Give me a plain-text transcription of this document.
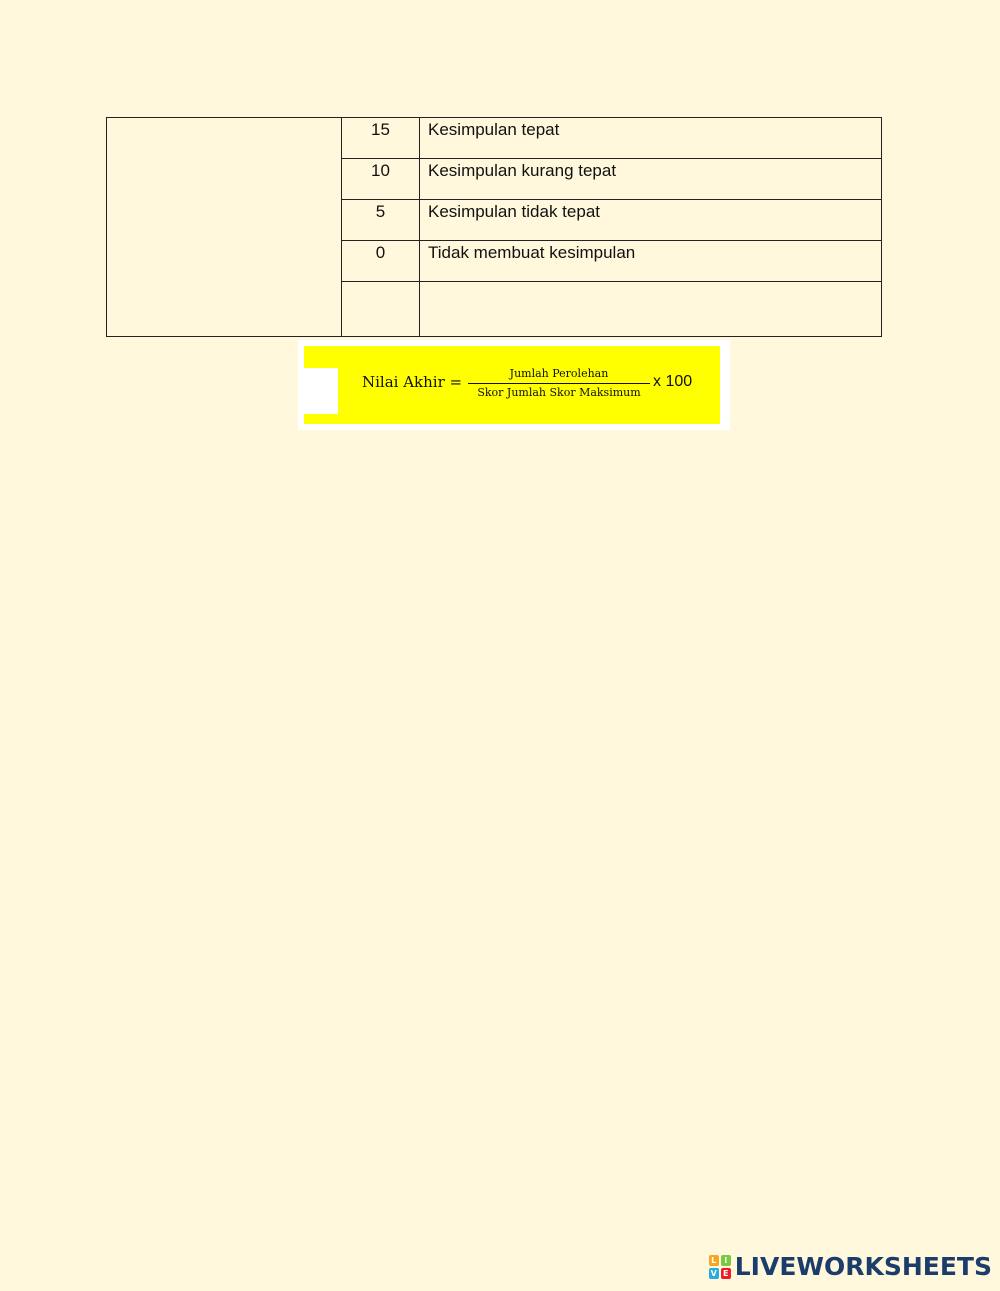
	15	Kesimpulan tepat
	10	Kesimpulan kurang tepat
	5	Kesimpulan tidak tepat
	0	Tidak membuat kesimpulan

Nilai Akhir =	Jumlah Perolehan
Skor Jumlah Skor Maksimum
x 100
L I
V E LIVEWORKSHEETS
